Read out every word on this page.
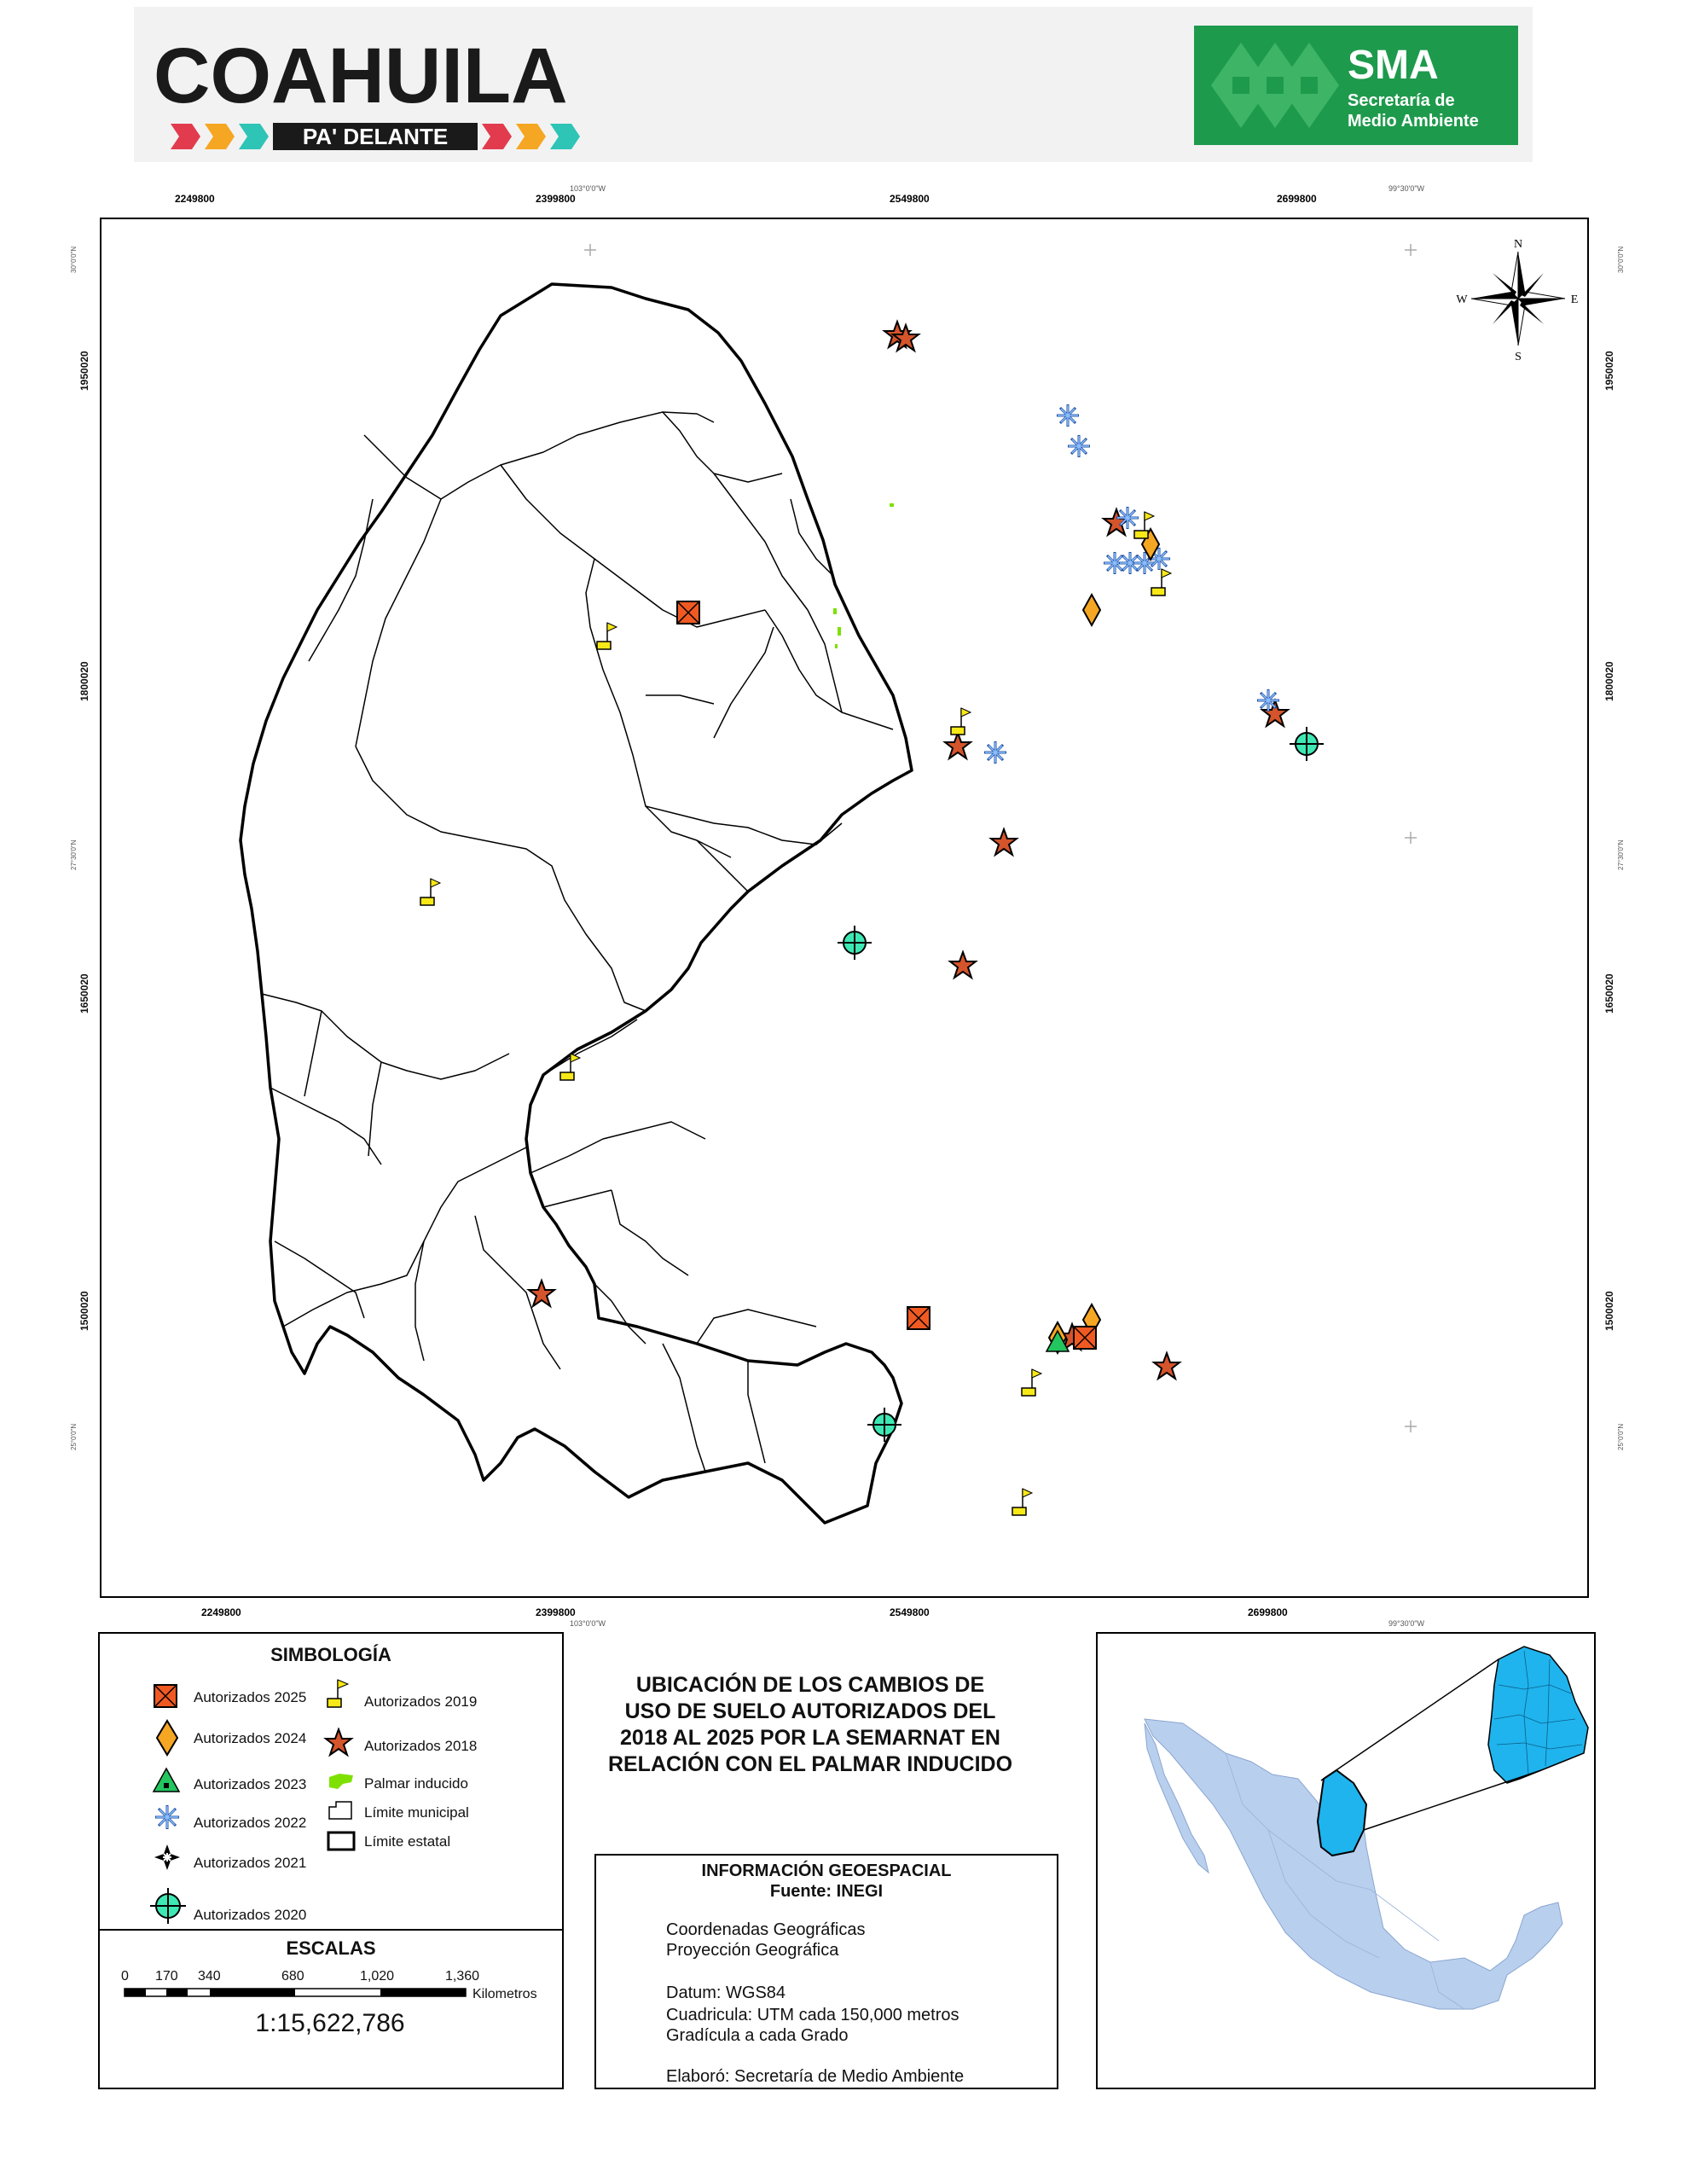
COAHUILA
PA' DELANTE
SMA
Secretaría de
Medio Ambiente
2249800	2399800	2549800	2699800
103°0'0"W	99°30'0"W
2249800	2399800	2549800	2699800
103°0'0"W	99°30'0"W
1950020
1800020
1650020
1500020
30°0'0"N
27°30'0"N
25°0'0"N
1950020
1800020
1650020
1500020
30°0'0"N
27°30'0"N
25°0'0"N
N
S
E
W
SIMBOLOGÍA
Autorizados 2025
Autorizados 2024
Autorizados 2023
Autorizados 2022
Autorizados 2021
Autorizados 2020
Autorizados 2019
Autorizados 2018
Palmar inducido
Límite municipal
Límite estatal
ESCALAS
0 170 340	680	1,020	1,360
Kilometros
1:15,622,786
UBICACIÓN DE LOS CAMBIOS DE
USO DE SUELO AUTORIZADOS DEL
2018 AL 2025 POR LA SEMARNAT EN
RELACIÓN CON EL PALMAR INDUCIDO
INFORMACIÓN GEOESPACIAL
Fuente: INEGI
Coordenadas Geográficas
Proyección Geográfica
Datum: WGS84
Cuadricula: UTM cada 150,000 metros
Gradícula a cada Grado
Elaboró: Secretaría de Medio Ambiente
